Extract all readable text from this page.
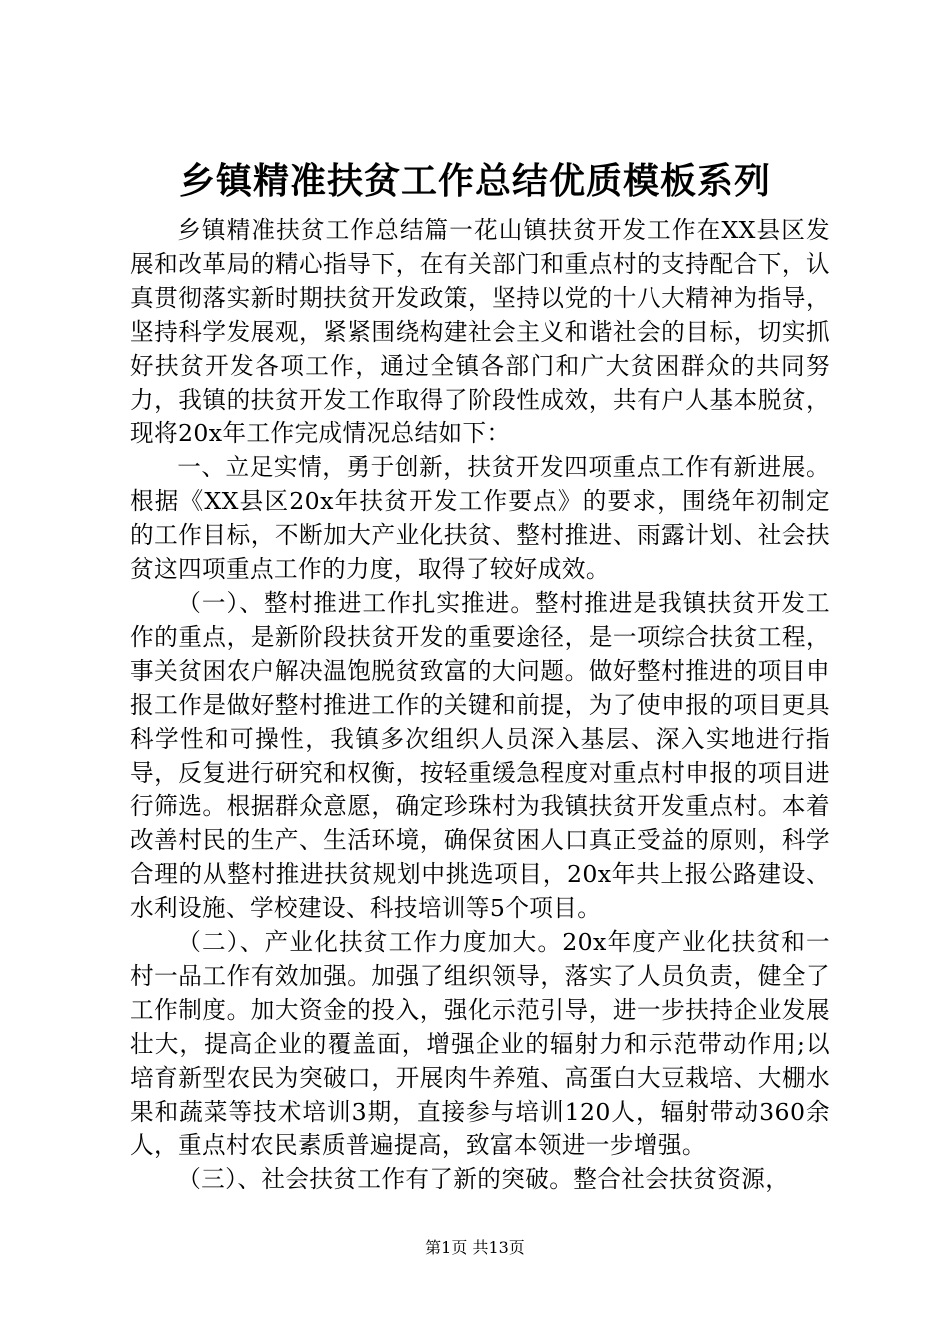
乡镇精准扶贫工作总结优质模板系列

乡镇精准扶贫工作总结篇一花山镇扶贫开发工作在XX县区发展和改革局的精心指导下，在有关部门和重点村的支持配合下，认真贯彻落实新时期扶贫开发政策，坚持以党的十八大精神为指导，坚持科学发展观，紧紧围绕构建社会主义和谐社会的目标，切实抓好扶贫开发各项工作，通过全镇各部门和广大贫困群众的共同努力，我镇的扶贫开发工作取得了阶段性成效，共有户人基本脱贫，现将20x年工作完成情况总结如下：

一、立足实情，勇于创新，扶贫开发四项重点工作有新进展。根据《XX县区20x年扶贫开发工作要点》的要求，围绕年初制定的工作目标，不断加大产业化扶贫、整村推进、雨露计划、社会扶贫这四项重点工作的力度，取得了较好成效。

（一）、整村推进工作扎实推进。整村推进是我镇扶贫开发工作的重点，是新阶段扶贫开发的重要途径，是一项综合扶贫工程，事关贫困农户解决温饱脱贫致富的大问题。做好整村推进的项目申报工作是做好整村推进工作的关键和前提，为了使申报的项目更具科学性和可操性，我镇多次组织人员深入基层、深入实地进行指导，反复进行研究和权衡，按轻重缓急程度对重点村申报的项目进行筛选。根据群众意愿，确定珍珠村为我镇扶贫开发重点村。本着改善村民的生产、生活环境，确保贫困人口真正受益的原则，科学合理的从整村推进扶贫规划中挑选项目，20x年共上报公路建设、水利设施、学校建设、科技培训等5个项目。

（二）、产业化扶贫工作力度加大。20x年度产业化扶贫和一村一品工作有效加强。加强了组织领导，落实了人员负责，健全了工作制度。加大资金的投入，强化示范引导，进一步扶持企业发展壮大，提高企业的覆盖面，增强企业的辐射力和示范带动作用;以培育新型农民为突破口，开展肉牛养殖、高蛋白大豆栽培、大棚水果和蔬菜等技术培训3期，直接参与培训120人，辐射带动360余人，重点村农民素质普遍提高，致富本领进一步增强。

（三）、社会扶贫工作有了新的突破。整合社会扶贫资源，

第1页 共13页
